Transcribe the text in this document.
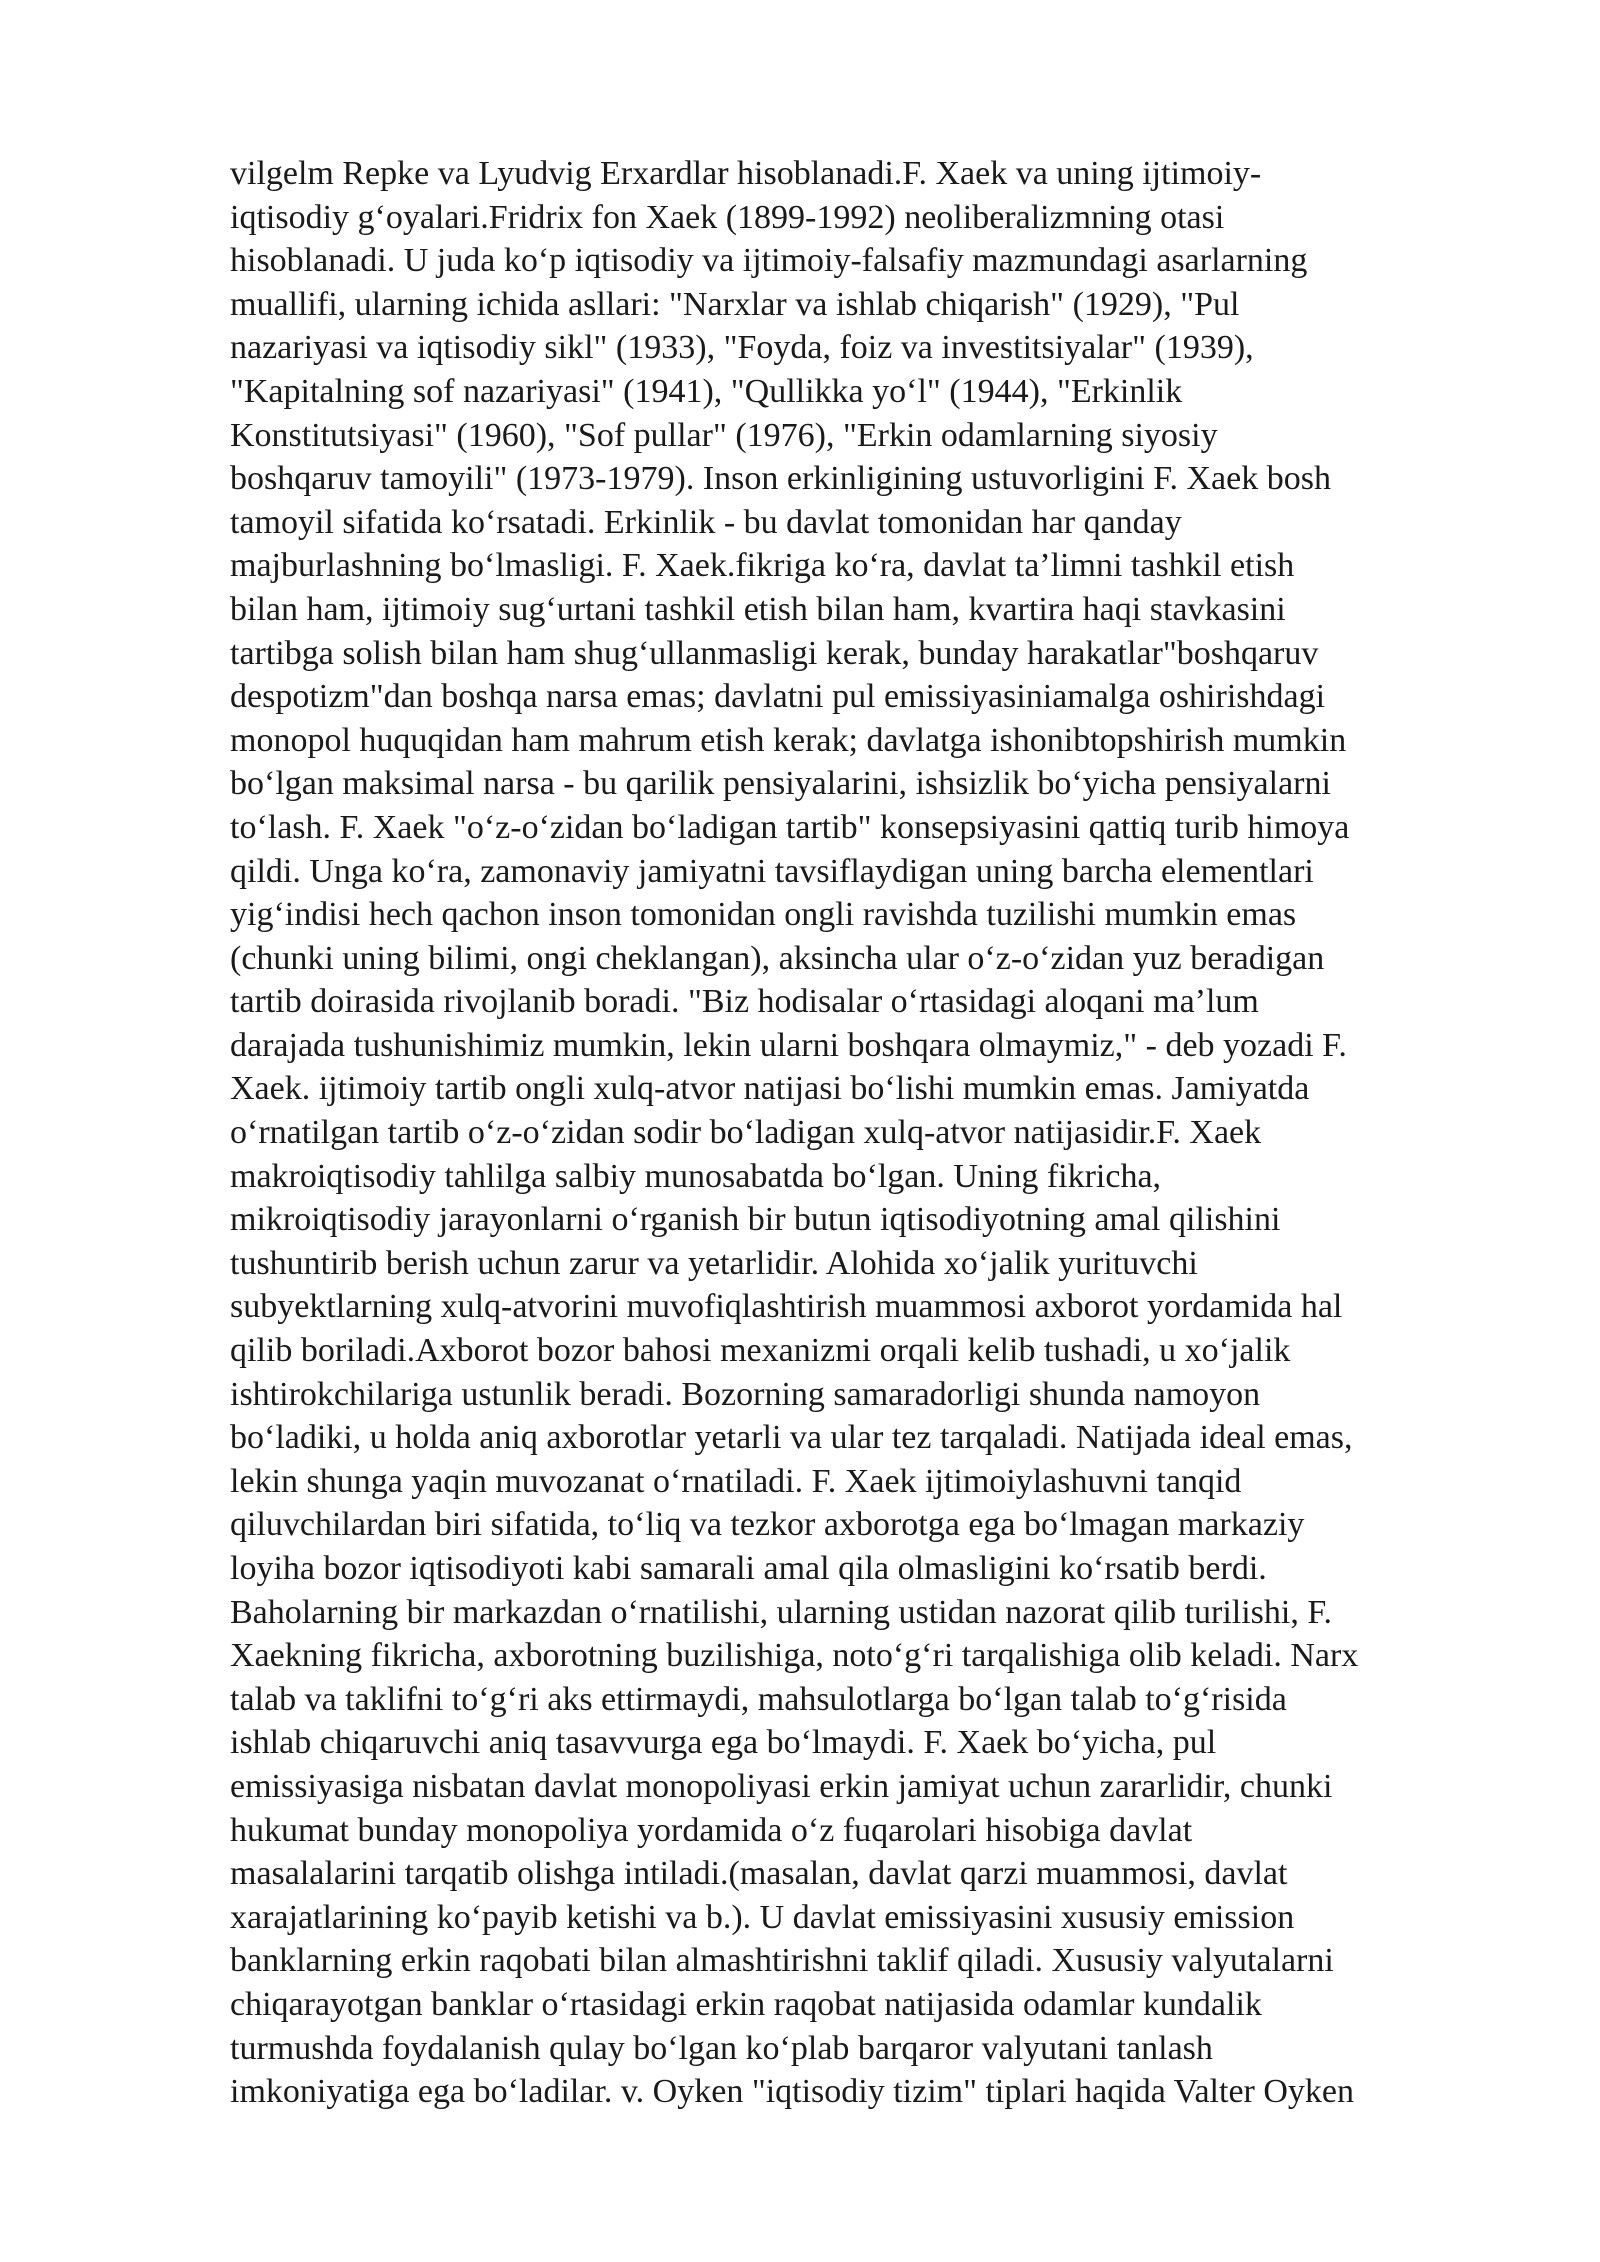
vilgelm Repke va Lyudvig Erxardlar hisoblanadi.F. Xaek va uning ijtimoiy-
iqtisodiy g‘oyalari.Fridrix fon Xaek (1899-1992) neoliberalizmning otasi
hisoblanadi. U juda ko‘p iqtisodiy va ijtimoiy-falsafiy mazmundagi asarlarning
muallifi, ularning ichida asllari: "Narxlar va ishlab chiqarish" (1929), "Pul
nazariyasi va iqtisodiy sikl" (1933), "Foyda, foiz va investitsiyalar" (1939),
"Kapitalning sof nazariyasi" (1941), "Qullikka yo‘l" (1944), "Erkinlik
Konstitutsiyasi" (1960), "Sof pullar" (1976), "Erkin odamlarning siyosiy
boshqaruv tamoyili" (1973-1979). Inson erkinligining ustuvorligini F. Xaek bosh
tamoyil sifatida ko‘rsatadi. Erkinlik - bu davlat tomonidan har qanday
majburlashning bo‘lmasligi. F. Xaek.fikriga ko‘ra, davlat ta’limni tashkil etish
bilan ham, ijtimoiy sug‘urtani tashkil etish bilan ham, kvartira haqi stavkasini
tartibga solish bilan ham shug‘ullanmasligi kerak, bunday harakatlar"boshqaruv
despotizm"dan boshqa narsa emas; davlatni pul emissiyasiniamalga oshirishdagi
monopol huquqidan ham mahrum etish kerak; davlatga ishonibtopshirish mumkin
bo‘lgan maksimal narsa - bu qarilik pensiyalarini, ishsizlik bo‘yicha pensiyalarni
to‘lash. F. Xaek "o‘z-o‘zidan bo‘ladigan tartib" konsepsiyasini qattiq turib himoya
qildi. Unga ko‘ra, zamonaviy jamiyatni tavsiflaydigan uning barcha elementlari
yig‘indisi hech qachon inson tomonidan ongli ravishda tuzilishi mumkin emas
(chunki uning bilimi, ongi cheklangan), aksincha ular o‘z-o‘zidan yuz beradigan
tartib doirasida rivojlanib boradi. "Biz hodisalar o‘rtasidagi aloqani ma’lum
darajada tushunishimiz mumkin, lekin ularni boshqara olmaymiz," - deb yozadi F.
Xaek. ijtimoiy tartib ongli xulq-atvor natijasi bo‘lishi mumkin emas. Jamiyatda
o‘rnatilgan tartib o‘z-o‘zidan sodir bo‘ladigan xulq-atvor natijasidir.F. Xaek
makroiqtisodiy tahlilga salbiy munosabatda bo‘lgan. Uning fikricha,
mikroiqtisodiy jarayonlarni o‘rganish bir butun iqtisodiyotning amal qilishini
tushuntirib berish uchun zarur va yetarlidir. Alohida xo‘jalik yurituvchi
subyektlarning xulq-atvorini muvofiqlashtirish muammosi axborot yordamida hal
qilib boriladi.Axborot bozor bahosi mexanizmi orqali kelib tushadi, u xo‘jalik
ishtirokchilariga ustunlik beradi. Bozorning samaradorligi shunda namoyon
bo‘ladiki, u holda aniq axborotlar yetarli va ular tez tarqaladi. Natijada ideal emas,
lekin shunga yaqin muvozanat o‘rnatiladi. F. Xaek ijtimoiylashuvni tanqid
qiluvchilardan biri sifatida, to‘liq va tezkor axborotga ega bo‘lmagan markaziy
loyiha bozor iqtisodiyoti kabi samarali amal qila olmasligini ko‘rsatib berdi.
Baholarning bir markazdan o‘rnatilishi, ularning ustidan nazorat qilib turilishi, F.
Xaekning fikricha, axborotning buzilishiga, noto‘g‘ri tarqalishiga olib keladi. Narx
talab va taklifni to‘g‘ri aks ettirmaydi, mahsulotlarga bo‘lgan talab to‘g‘risida
ishlab chiqaruvchi aniq tasavvurga ega bo‘lmaydi. F. Xaek bo‘yicha, pul
emissiyasiga nisbatan davlat monopoliyasi erkin jamiyat uchun zararlidir, chunki
hukumat bunday monopoliya yordamida o‘z fuqarolari hisobiga davlat
masalalarini tarqatib olishga intiladi.(masalan, davlat qarzi muammosi, davlat
xarajatlarining ko‘payib ketishi va b.). U davlat emissiyasini xususiy emission
banklarning erkin raqobati bilan almashtirishni taklif qiladi. Xususiy valyutalarni
chiqarayotgan banklar o‘rtasidagi erkin raqobat natijasida odamlar kundalik
turmushda foydalanish qulay bo‘lgan ko‘plab barqaror valyutani tanlash
imkoniyatiga ega bo‘ladilar. v. Oyken "iqtisodiy tizim" tiplari haqida Valter Oyken
